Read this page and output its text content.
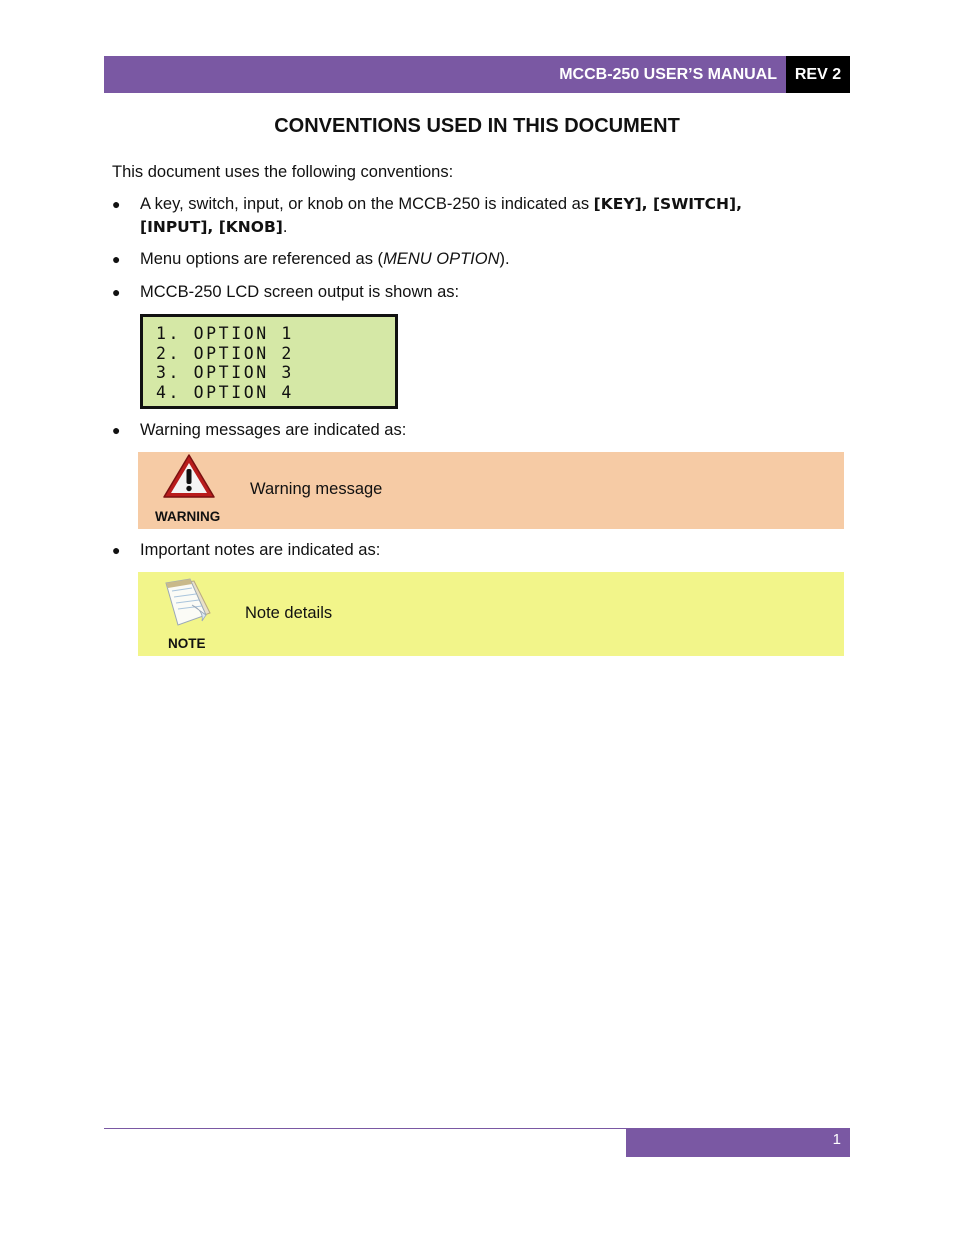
MCCB-250 USER’S MANUAL	REV 2
CONVENTIONS USED IN THIS DOCUMENT
This document uses the following conventions:
●	A key, switch, input, or knob on the MCCB-250 is indicated as [KEY], [SWITCH],
[INPUT], [KNOB].
●	Menu options are referenced as (MENU OPTION).
●	MCCB-250 LCD screen output is shown as:
1. OPTION 1
2. OPTION 2
3. OPTION 3
4. OPTION 4
●	Warning messages are indicated as:
WARNING
Warning message
●	Important notes are indicated as:
NOTE
Note details
1
